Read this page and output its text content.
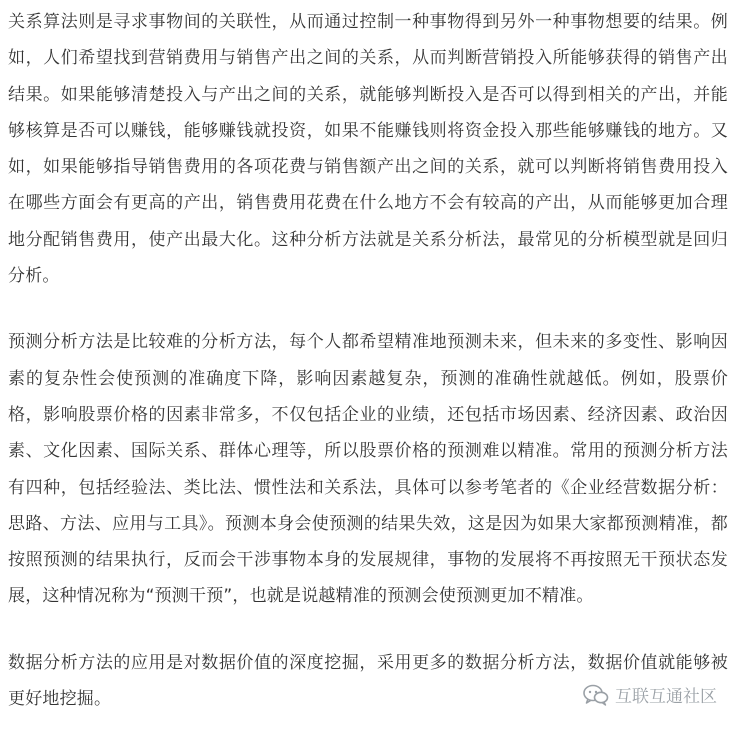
关系算法则是寻求事物间的关联性，从而通过控制一种事物得到另外一种事物想要的结果。例如，人们希望找到营销费用与销售产出之间的关系，从而判断营销投入所能够获得的销售产出结果。如果能够清楚投入与产出之间的关系，就能够判断投入是否可以得到相关的产出，并能够核算是否可以赚钱，能够赚钱就投资，如果不能赚钱则将资金投入那些能够赚钱的地方。又如，如果能够指导销售费用的各项花费与销售额产出之间的关系，就可以判断将销售费用投入在哪些方面会有更高的产出，销售费用花费在什么地方不会有较高的产出，从而能够更加合理地分配销售费用，使产出最大化。这种分析方法就是关系分析法，最常见的分析模型就是回归分析。

预测分析方法是比较难的分析方法，每个人都希望精准地预测未来，但未来的多变性、影响因素的复杂性会使预测的准确度下降，影响因素越复杂，预测的准确性就越低。例如，股票价格，影响股票价格的因素非常多，不仅包括企业的业绩，还包括市场因素、经济因素、政治因素、文化因素、国际关系、群体心理等，所以股票价格的预测难以精准。常用的预测分析方法有四种，包括经验法、类比法、惯性法和关系法，具体可以参考笔者的《企业经营数据分析：思路、方法、应用与工具》。预测本身会使预测的结果失效，这是因为如果大家都预测精准，都按照预测的结果执行，反而会干涉事物本身的发展规律，事物的发展将不再按照无干预状态发展，这种情况称为“预测干预”，也就是说越精准的预测会使预测更加不精准。

数据分析方法的应用是对数据价值的深度挖掘，采用更多的数据分析方法，数据价值就能够被更好地挖掘。	互联互通社区
